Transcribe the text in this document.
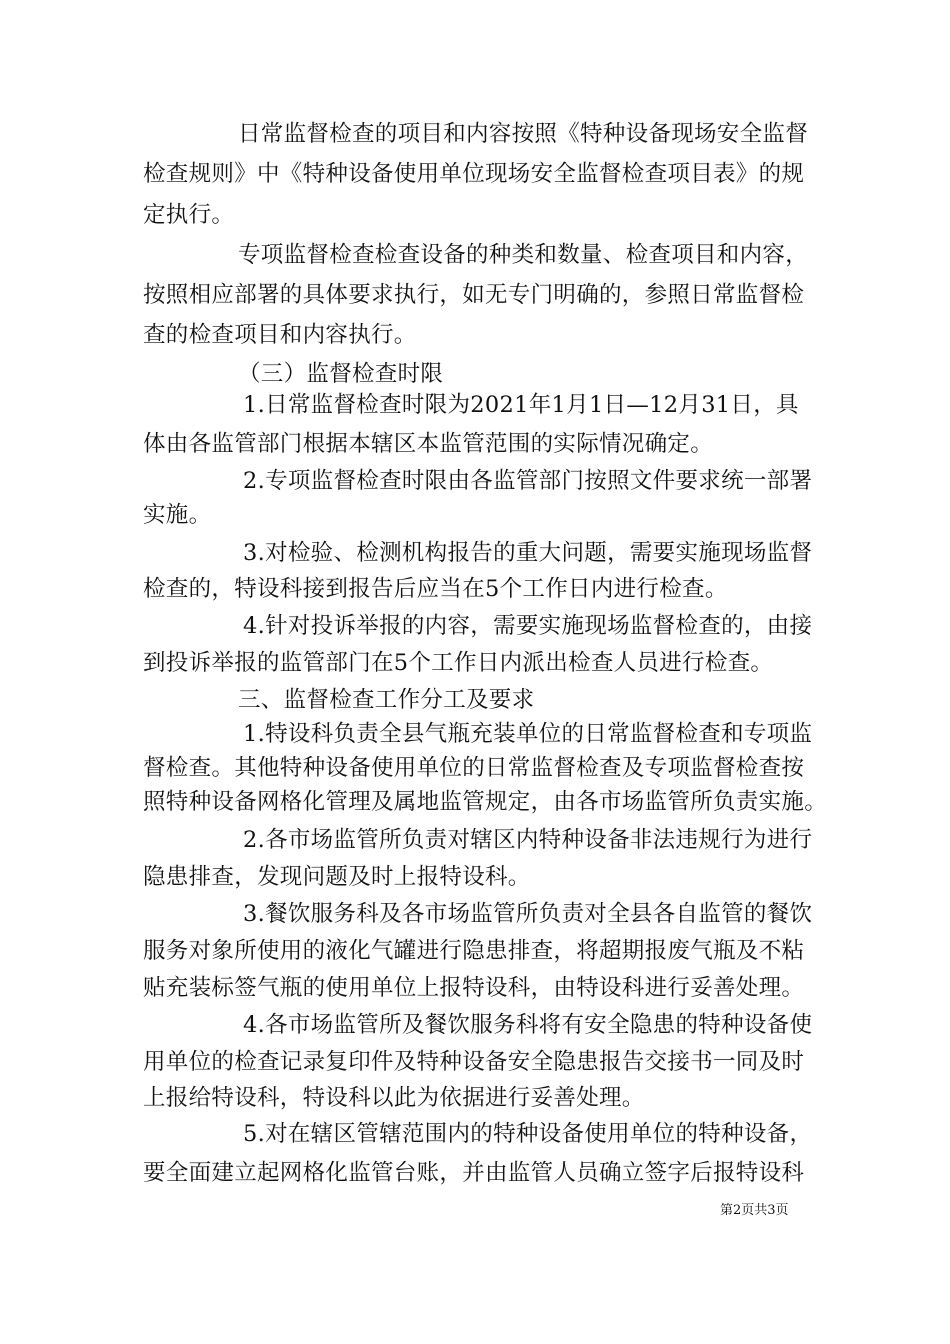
日常监督检查的项目和内容按照《特种设备现场安全监督
检查规则》中《特种设备使用单位现场安全监督检查项目表》的规
定执行。
专项监督检查检查设备的种类和数量、检查项目和内容，
按照相应部署的具体要求执行，如无专门明确的，参照日常监督检
查的检查项目和内容执行。
（三）监督检查时限
1.日常监督检查时限为2021年1月1日—12月31日，具
体由各监管部门根据本辖区本监管范围的实际情况确定。
2.专项监督检查时限由各监管部门按照文件要求统一部署
实施。
3.对检验、检测机构报告的重大问题，需要实施现场监督
检查的，特设科接到报告后应当在5个工作日内进行检查。
4.针对投诉举报的内容，需要实施现场监督检查的，由接
到投诉举报的监管部门在5个工作日内派出检查人员进行检查。
三、监督检查工作分工及要求
1.特设科负责全县气瓶充装单位的日常监督检查和专项监
督检查。其他特种设备使用单位的日常监督检查及专项监督检查按
照特种设备网格化管理及属地监管规定，由各市场监管所负责实施。
2.各市场监管所负责对辖区内特种设备非法违规行为进行
隐患排查，发现问题及时上报特设科。
3.餐饮服务科及各市场监管所负责对全县各自监管的餐饮
服务对象所使用的液化气罐进行隐患排查，将超期报废气瓶及不粘
贴充装标签气瓶的使用单位上报特设科，由特设科进行妥善处理。
4.各市场监管所及餐饮服务科将有安全隐患的特种设备使
用单位的检查记录复印件及特种设备安全隐患报告交接书一同及时
上报给特设科，特设科以此为依据进行妥善处理。
5.对在辖区管辖范围内的特种设备使用单位的特种设备，
要全面建立起网格化监管台账，并由监管人员确立签字后报特设科
第2页共3页
